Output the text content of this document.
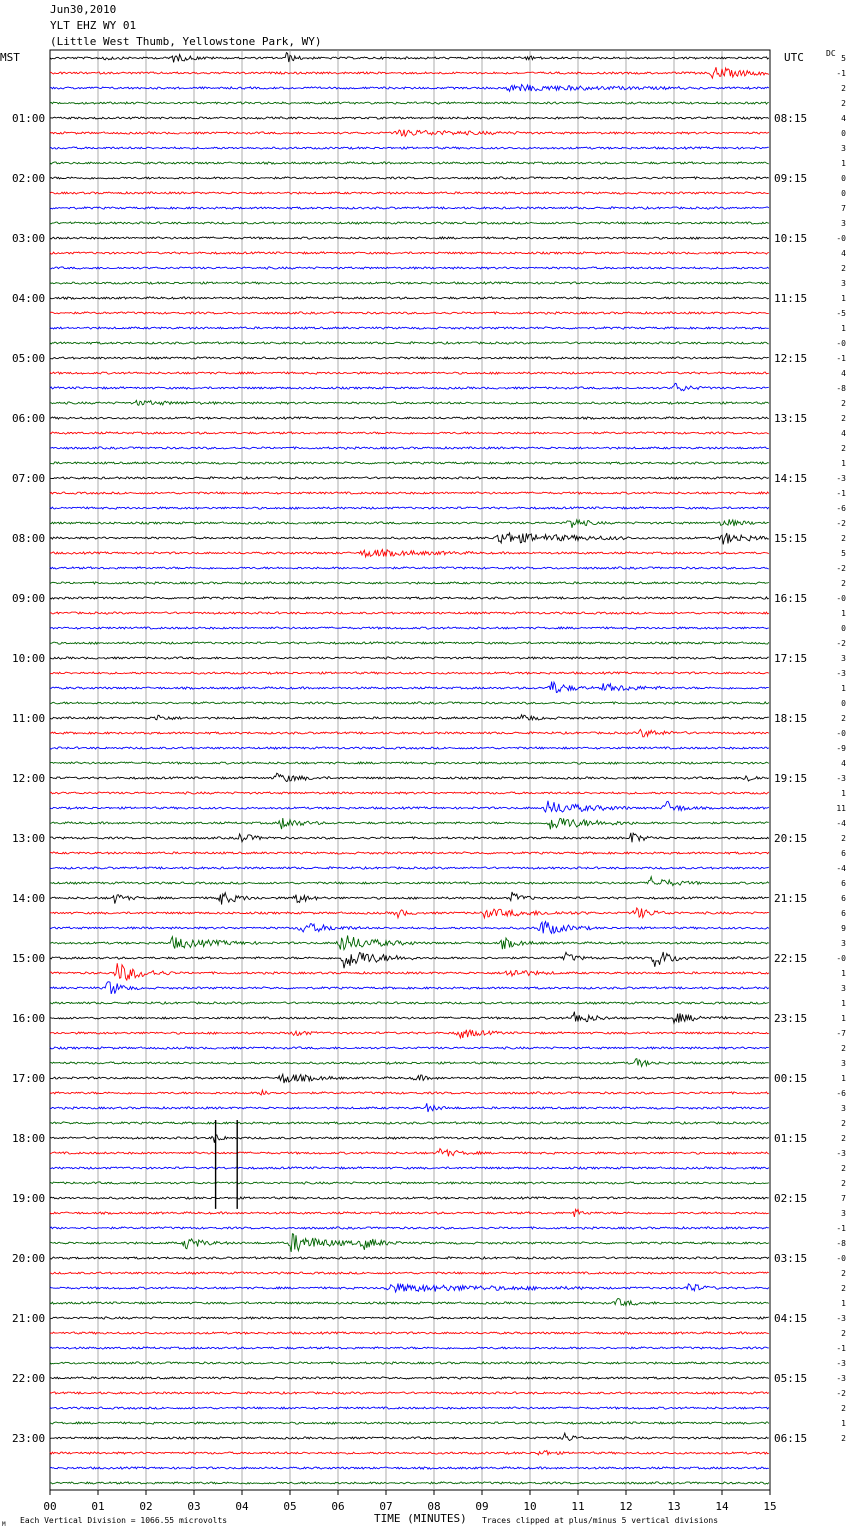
Jun30,2010
YLT EHZ WY 01
(Little West Thumb, Yellowstone Park, WY)
MST	UTC	DC
01:00
02:00
03:00
04:00
05:00
06:00
07:00
08:00
09:00
10:00
11:00
12:00
13:00
14:00
15:00
16:00
17:00
18:00
19:00
20:00
21:00
22:00
23:00
08:15
09:15
10:15
11:15
12:15
13:15
14:15
15:15
16:15
17:15
18:15
19:15
20:15
21:15
22:15
23:15
00:15
01:15
02:15
03:15
04:15
05:15
06:15
5
-1
2
2
4
0
3
1
0
0
7
3
-0
4
2
3
1
-5
1
-0
-1
4
-8
2
2
4
2
1
-3
-1
-6
-2
2
5
-2
2
-0
1
0
-2
3
-3
1
0
2
-0
-9
4
-3
1
11
-4
2
6
-4
6
6
6
9
3
-0
1
3
1
1
-7
2
3
1
-6
3
2
2
-3
2
2
7
3
-1
-8
-0
2
2
1
-3
2
-1
-3
-3
-2
2
1
2
00	01	02	03	04	05	06	07	08	09	10	11	12	13	14	15
TIME (MINUTES)
Each Vertical Division = 1066.55 microvolts	Traces clipped at plus/minus 5 vertical divisions
M
